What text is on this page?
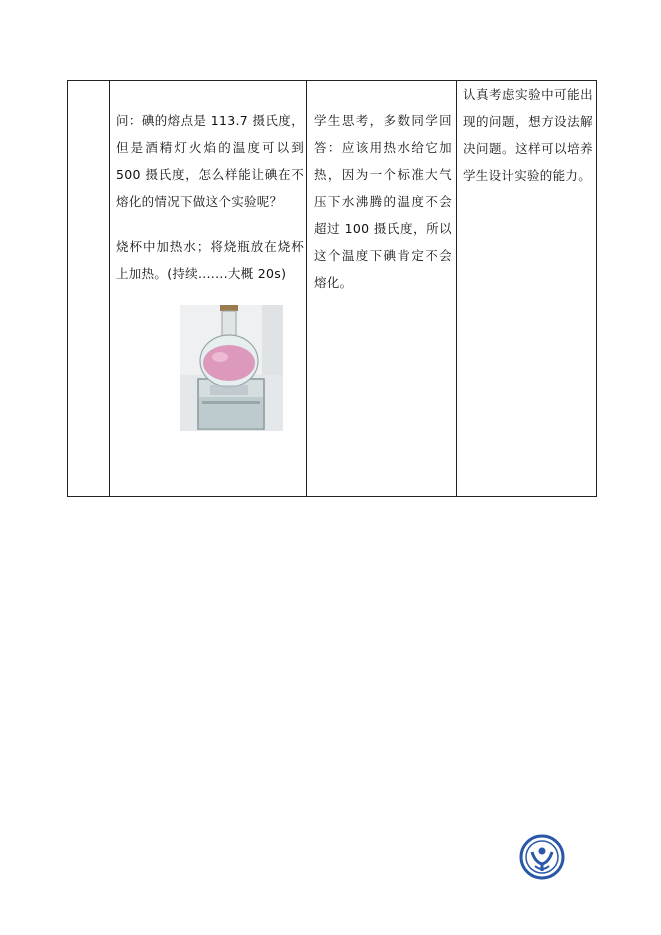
问：碘的熔点是 113.7 摄氏度，但是酒精灯火焰的温度可以到 500 摄氏度，怎么样能让碘在不熔化的情况下做这个实验呢？

烧杯中加热水；将烧瓶放在烧杯上加热。(持续.......大概 20s)

学生思考，多数同学回答：应该用热水给它加热，因为一个标准大气压下水沸腾的温度不会超过 100 摄氏度，所以这个温度下碘肯定不会熔化。
认真考虑实验中可能出现的问题，想方设法解决问题。这样可以培养学生设计实验的能力。
